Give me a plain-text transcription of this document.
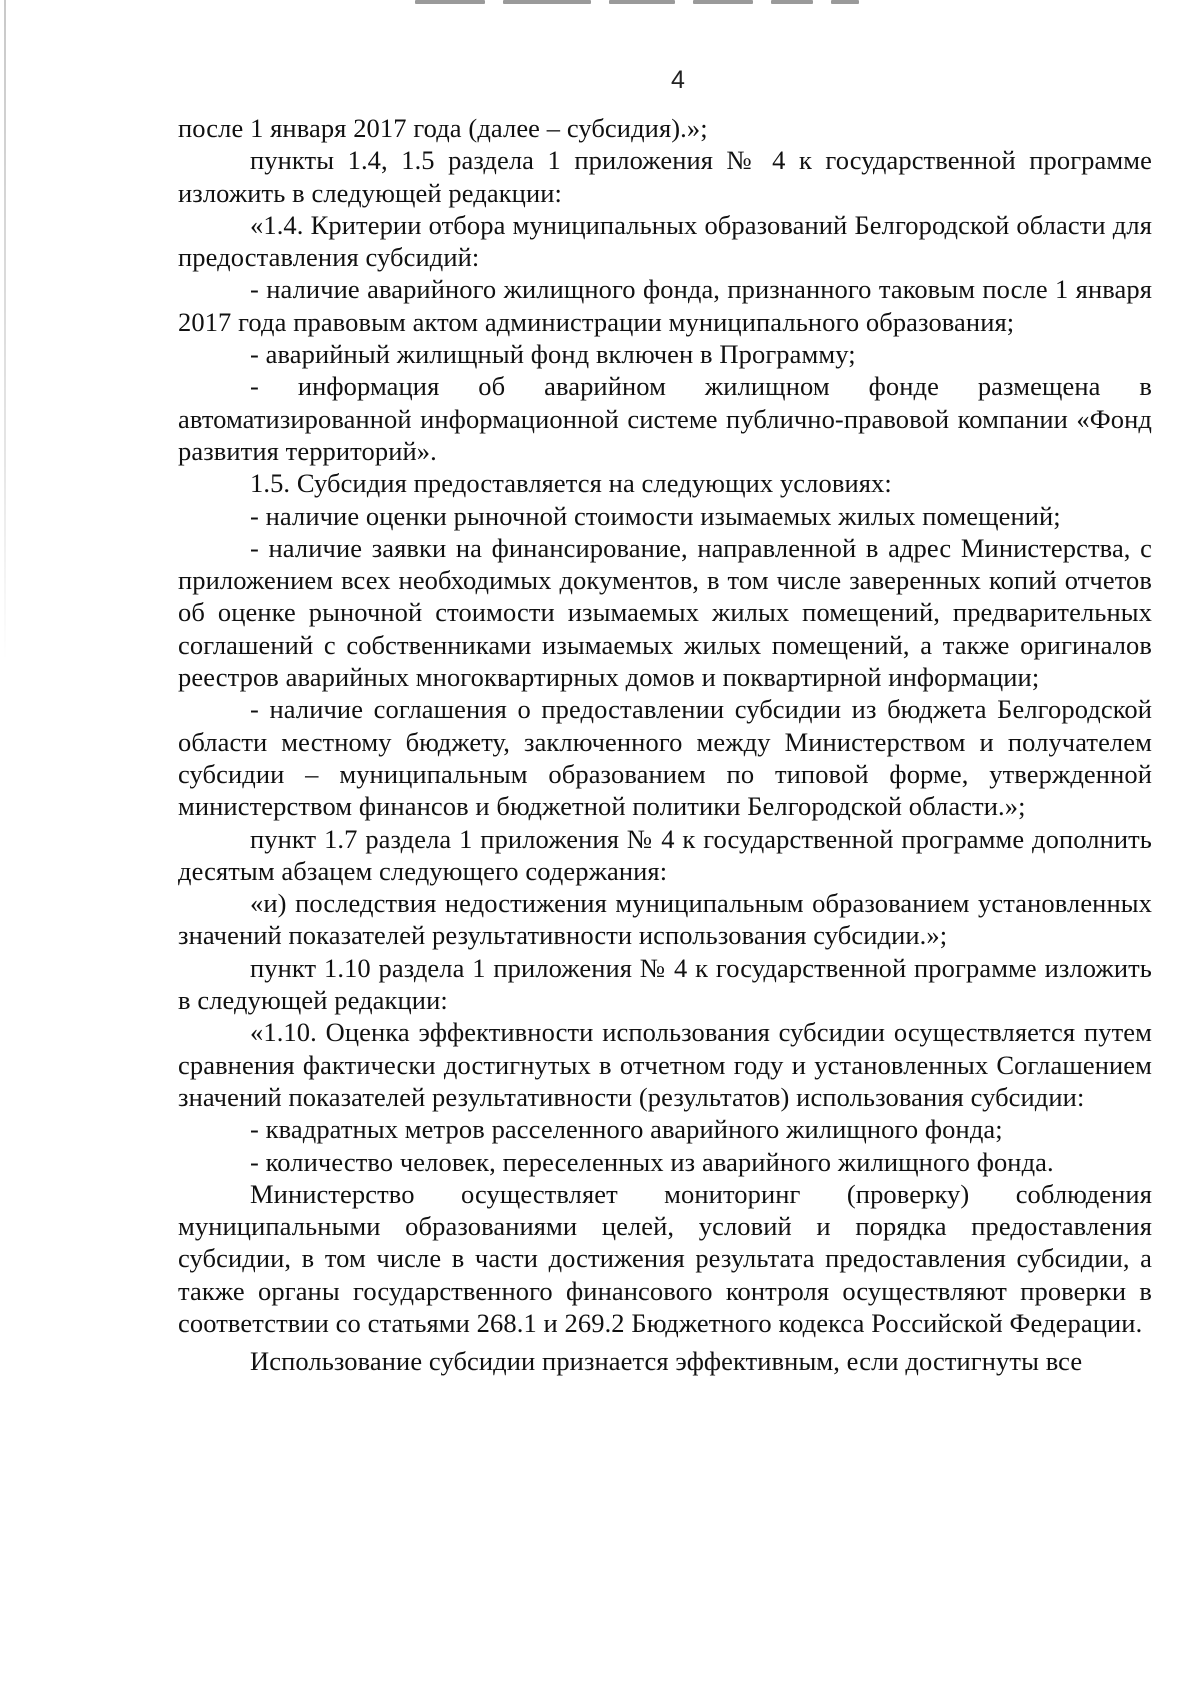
4

после 1 января 2017 года (далее – субсидия).»;

пункты 1.4, 1.5 раздела 1 приложения № 4 к государственной программе изложить в следующей редакции:

«1.4. Критерии отбора муниципальных образований Белгородской области для предоставления субсидий:

- наличие аварийного жилищного фонда, признанного таковым после 1 января 2017 года правовым актом администрации муниципального образования;

- аварийный жилищный фонд включен в Программу;

- информация об аварийном жилищном фонде размещена в автоматизированной информационной системе публично-правовой компании «Фонд развития территорий».

1.5. Субсидия предоставляется на следующих условиях:

- наличие оценки рыночной стоимости изымаемых жилых помещений;

- наличие заявки на финансирование, направленной в адрес Министерства, с приложением всех необходимых документов, в том числе заверенных копий отчетов об оценке рыночной стоимости изымаемых жилых помещений, предварительных соглашений с собственниками изымаемых жилых помещений, а также оригиналов реестров аварийных многоквартирных домов и поквартирной информации;

- наличие соглашения о предоставлении субсидии из бюджета Белгородской области местному бюджету, заключенного между Министерством и получателем субсидии – муниципальным образованием по типовой форме, утвержденной министерством финансов и бюджетной политики Белгородской области.»;

пункт 1.7 раздела 1 приложения № 4 к государственной программе дополнить десятым абзацем следующего содержания:

«и) последствия недостижения муниципальным образованием установленных значений показателей результативности использования субсидии.»;

пункт 1.10 раздела 1 приложения № 4 к государственной программе изложить в следующей редакции:

«1.10. Оценка эффективности использования субсидии осуществляется путем сравнения фактически достигнутых в отчетном году и установленных Соглашением значений показателей результативности (результатов) использования субсидии:

- квадратных метров расселенного аварийного жилищного фонда;

- количество человек, переселенных из аварийного жилищного фонда.

Министерство осуществляет мониторинг (проверку) соблюдения муниципальными образованиями целей, условий и порядка предоставления субсидии, в том числе в части достижения результата предоставления субсидии, а также органы государственного финансового контроля осуществляют проверки в соответствии со статьями 268.1 и 269.2 Бюджетного кодекса Российской Федерации.

Использование субсидии признается эффективным, если достигнуты все
